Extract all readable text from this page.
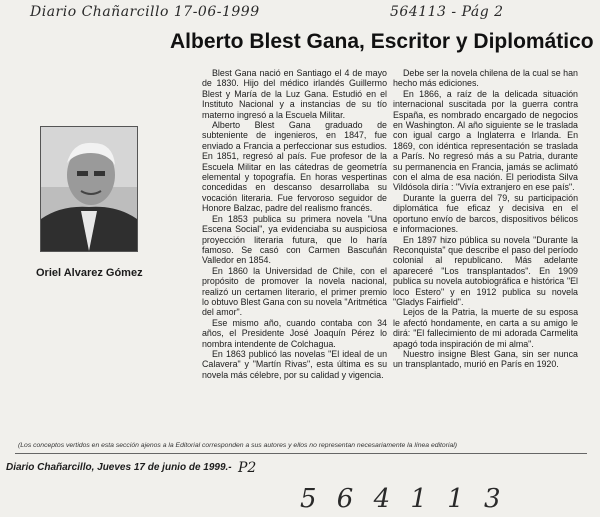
Diario Chañarcillo 17-06-1999	564113 - Pág 2
Alberto Blest Gana, Escritor y Diplomático
Oriel Alvarez Gómez

Blest Gana nació en Santiago el 4 de mayo de 1830. Hijo del médico irlandés Guillermo Blest y María de la Luz Gana. Estudió en el Instituto Nacional y a instancias de su tío materno ingresó a la Escuela Militar.

Alberto Blest Gana graduado de subteniente de ingenieros, en 1847, fue enviado a Francia a perfeccionar sus estudios. En 1851, regresó al país. Fue profesor de la Escuela Militar en las cátedras de geometría elemental y topografía. En horas vespertinas concedidas en descanso desarrollaba su vocación literaria. Fue fervoroso seguidor de Honore Balzac, padre del realismo francés.

En 1853 publica su primera novela "Una Escena Social", ya evidenciaba su auspiciosa proyección literaria futura, que lo haría famoso. Se casó con Carmen Bascuñán Valledor en 1854.

En 1860 la Universidad de Chile, con el propósito de promover la novela nacional, realizó un certamen literario, el primer premio lo obtuvo Blest Gana con su novela "Aritmética del amor".

Ese mismo año, cuando contaba con 34 años, el Presidente José Joaquín Pérez lo nombra intendente de Colchagua.

En 1863 publicó las novelas "El ideal de un Calavera" y "Martín Rivas", esta última es su novela más célebre, por su calidad y vigencia.

Debe ser la novela chilena de la cual se han hecho más ediciones.

En 1866, a raíz de la delicada situación internacional suscitada por la guerra contra España, es nombrado encargado de negocios en Washington. Al año siguiente se le traslada con igual cargo a Inglaterra e Irlanda. En 1869, con idéntica representación se traslada a París. No regresó más a su Patria, durante su permanencia en Francia, jamás se aclimató con el alma de esa nación. El periodista Silva Vildósola diría : "Vivía extranjero en ese país".

Durante la guerra del 79, su participación diplomática fue eficaz y decisiva en el oportuno envío de barcos, dispositivos bélicos e informaciones.

En 1897 hizo pública su novela "Durante la Reconquista" que describe el paso del período colonial al republicano. Más adelante apareceré "Los transplantados". En 1909 publica su novela autobiográfica e histórica "El loco Estero" y en 1912 publica su novela "Gladys Fairfield".

Lejos de la Patria, la muerte de su esposa le afectó hondamente, en carta a su amigo le dirá: "El fallecimiento de mi adorada Carmelita apagó toda inspiración de mi alma".

Nuestro insigne Blest Gana, sin ser nunca un transplantado, murió en París en 1920.

(Los conceptos vertidos en esta sección ajenos a la Editorial corresponden a sus autores y ellos no representan necesariamente la línea editorial)
Diario Chañarcillo, Jueves 17 de junio de 1999.- P2
5 6 4 1 1 3
